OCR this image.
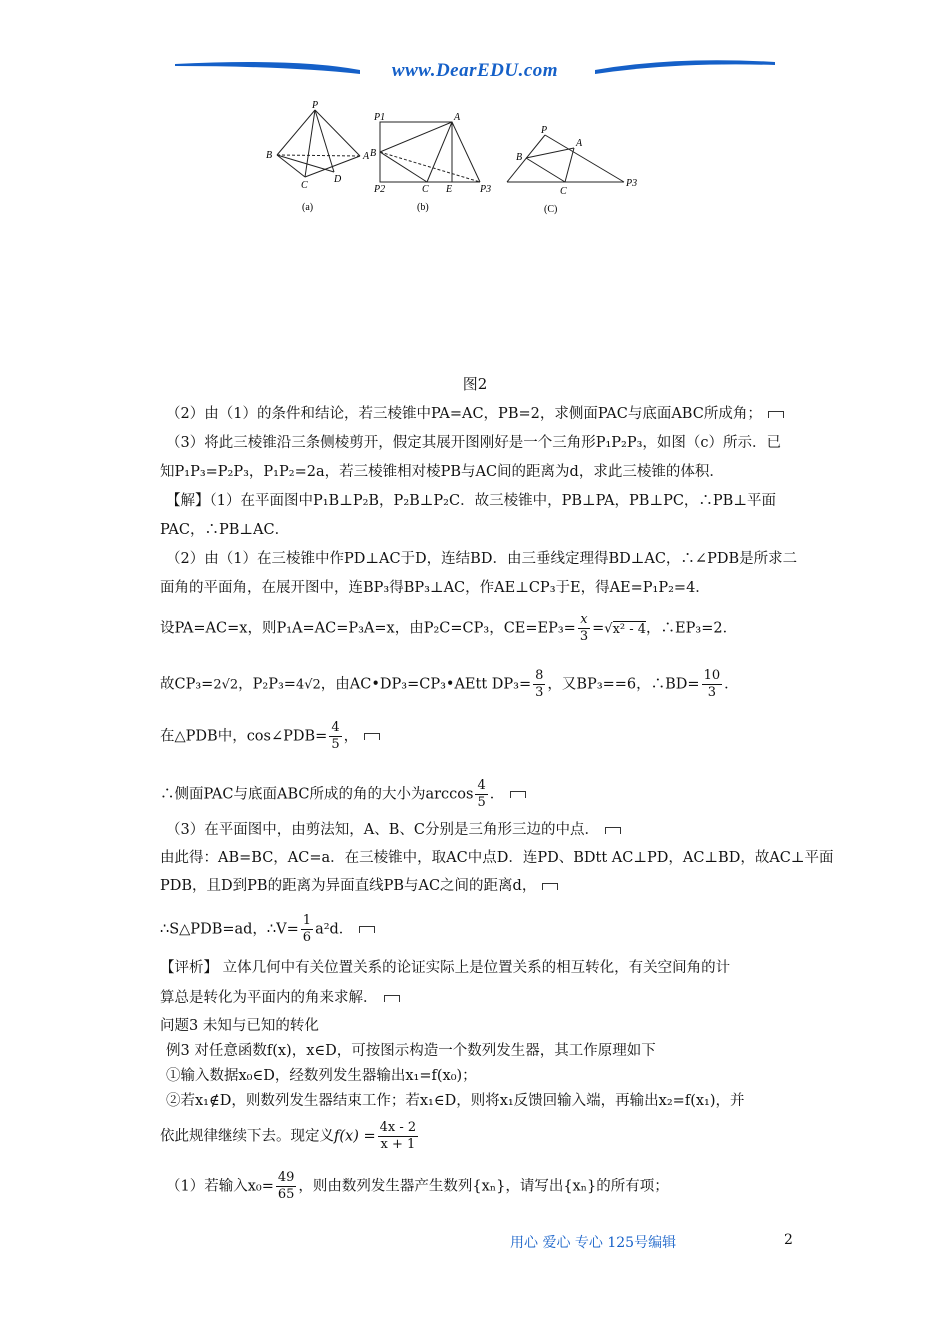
www.DearEDU.com
P
B	A
C
D
(a)
P1	A
B
P2	C E	P3
(b)
P
B
A
C
P3
(C)
图2
（2）由（1）的条件和结论，若三棱锥中PA=AC，PB=2，求侧面PAC与底面ABC所成角；
（3）将此三棱锥沿三条侧棱剪开，假定其展开图刚好是一个三角形P₁P₂P₃，如图（c）所示．已
知P₁P₃=P₂P₃，P₁P₂=2a，若三棱锥相对棱PB与AC间的距离为d，求此三棱锥的体积．
【解】（1）在平面图中P₁B⊥P₂B，P₂B⊥P₂C．故三棱锥中，PB⊥PA，PB⊥PC，∴PB⊥平面
PAC，∴PB⊥AC．
（2）由（1）在三棱锥中作PD⊥AC于D，连结BD．由三垂线定理得BD⊥AC，∴∠PDB是所求二
面角的平面角，在展开图中，连BP₃得BP₃⊥AC，作AE⊥CP₃于E，得AE=P₁P₂=4．
设PA=AC=x，则P₁A=AC=P₃A=x，由P₂C=CP₃，$CE=EP_3= \frac{x}{3} =√x^2 - 4$，∴EP₃=2．
故CP₃=2√2，P₂P₃=4√2，由AC•DP₃=CP₃•AEtt $DP_3= \frac{8}{3}$ ，又BP₃==6，∴BD= $\frac{10}{3}$ ．
在△PDB中，cos∠PDB= $\frac{4}{5}$ ，
∴侧面PAC与底面ABC所成的角的大小为$\arccos \frac{4}{5}$ ．
（3）在平面图中，由剪法知，A、B、C分别是三角形三边的中点．
由此得：AB=BC，AC=a．在三棱锥中，取AC中点D．连PD、BDtt AC⊥PD，AC⊥BD，故AC⊥平面
PDB，且D到PB的距离为异面直线PB与AC之间的距离d，
∴S△PDB=ad，∴V= $\frac{1}{6} a^2d$．
【评析】 立体几何中有关位置关系的论证实际上是位置关系的相互转化，有关空间角的计
算总是转化为平面内的角来求解．
问题3 未知与已知的转化
例3 对任意函数f(x)，x∈D，可按图示构造一个数列发生器，其工作原理如下
①输入数据x₀∈D，经数列发生器输出x₁=f(x₀)；
②若x₁∉D，则数列发生器结束工作；若x₁∈D，则将x₁反馈回输入端，再输出x₂=f(x₁)，并
依此规律继续下去。现定义$f(x) = \frac{4x - 2}{x + 1}$
（1）若输入$x_0= \frac{49}{65}$ ，则由数列发生器产生数列{xₙ}，请写出{xₙ}的所有项；
用心 爱心 专心 125号编辑	2
